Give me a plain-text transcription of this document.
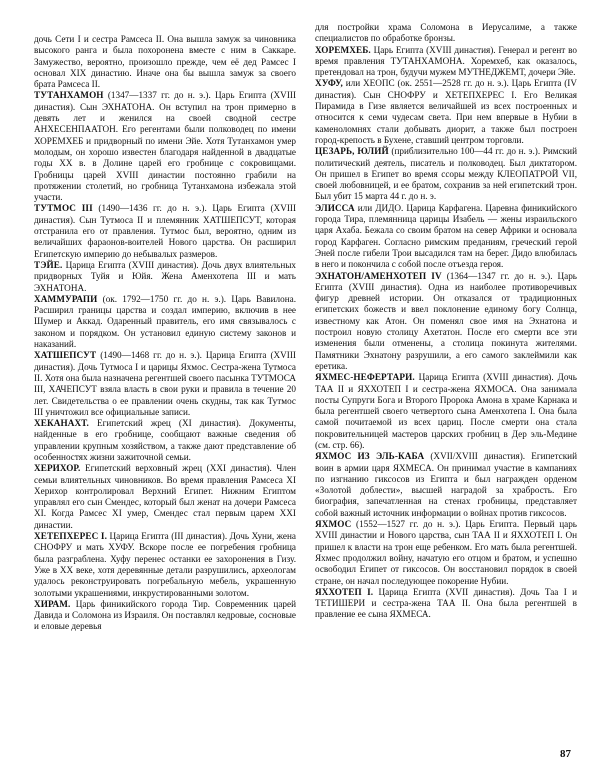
дочь Сети I и сестра Рамсеса II. Она вышла замуж за чиновника высокого ранга и была похоронена вместе с ним в Саккаре. Замужество, вероятно, произошло прежде, чем её дед Рамсес I основал XIX династию. Иначе она бы вышла замуж за своего брата Рамсеса II.

ТУТАНХАМОН (1347—1337 гг. до н. э.). Царь Египта (XVIII династия). Сын ЭХНАТОНА. Он вступил на трон примерно в девять лет и женился на своей сводной сестре АНХЕСЕНПААТОН. Его регентами были полководец по имени ХОРЕМХЕБ и придворный по имени Эйе. Хотя Тутанхамон умер молодым, он хорошо известен благодаря найденной в двадцатые годы XX в. в Долине царей его гробнице с сокровищами. Гробницы царей XVIII династии постоянно грабили на протяжении столетий, но гробница Тутанхамона избежала этой участи.

ТУТМОС III (1490—1436 гг. до н. э.). Царь Египта (XVIII династия). Сын Тутмоса II и племянник ХАТШЕПСУТ, которая отстранила его от правления. Тутмос был, вероятно, одним из величайших фараонов-воителей Нового царства. Он расширил Египетскую империю до небывалых размеров.

ТЭЙЕ. Царица Египта (XVIII династия). Дочь двух влиятельных придворных Туйя и Юйя. Жена Аменхотепа III и мать ЭХНАТОНА.

ХАММУРАПИ (ок. 1792—1750 гг. до н. э.). Царь Вавилона. Расширил границы царства и создал империю, включив в нее Шумер и Аккад. Одаренный правитель, его имя связывалось с законом и порядком. Он установил единую систему законов и наказаний.

ХАТШЕПСУТ (1490—1468 гг. до н. э.). Царица Египта (XVIII династия). Дочь Тутмоса I и царицы Яхмос. Сестра-жена Тутмоса II. Хотя она была назначена регентшей своего пасынка ТУТМОСА III, ХАЧЕПСУТ взяла власть в свои руки и правила в течение 20 лет. Свидетельства о ее правлении очень скудны, так как Тутмос III уничтожил все официальные записи.

ХЕКАНАХТ. Египетский жрец (XI династия). Документы, найденные в его гробнице, сообщают важные сведения об управлении крупным хозяйством, а также дают представление об особенностях жизни зажиточной семьи.

ХЕРИХОР. Египетский верховный жрец (XXI династия). Член семьи влиятельных чиновников. Во время правления Рамсеса XI Херихор контролировал Верхний Египет. Нижним Египтом управлял его сын Смендес, который был женат на дочери Рамсеса XI. Когда Рамсес XI умер, Смендес стал первым царем XXI династии.

ХЕТЕПХЕРЕС I. Царица Египта (III династия). Дочь Хуни, жена СНОФРУ и мать ХУФУ. Вскоре после ее погребения гробница была разграблена. Хуфу перенес останки ее захоронения в Гизу. Уже в XX веке, хотя деревянные детали разрушились, археологам удалось реконструировать погребальную мебель, украшенную золотыми украшениями, инкрустированными золотом.

ХИРАМ. Царь финикийского города Тир. Современник царей Давида и Соломона из Израиля. Он поставлял кедровые, сосновые и еловые деревья

для постройки храма Соломона в Иерусалиме, а также специалистов по обработке бронзы.

ХОРЕМХЕБ. Царь Египта (XVIII династия). Генерал и регент во время правления ТУТАНХАМОНА. Хоремхеб, как оказалось, претендовал на трон, будучи мужем МУТНЕДЖЕМТ, дочери Эйе.

ХУФУ, или ХЕОПС (ок. 2551—2528 гг. до н. э.). Царь Египта (IV династия). Сын СНОФРУ и ХЕТЕПХЕРЕС I. Его Великая Пирамида в Гизе является величайшей из всех построенных и относится к семи чудесам света. При нем впервые в Нубии в каменоломнях стали добывать диорит, а также был построен город-крепость в Бухене, ставший центром торговли.

ЦЕЗАРЬ, ЮЛИЙ (приблизительно 100—44 гг. до н. э.). Римский политический деятель, писатель и полководец. Был диктатором. Он пришел в Египет во время ссоры между КЛЕОПАТРОЙ VII, своей любовницей, и ее братом, сохранив за ней египетский трон. Был убит 15 марта 44 г. до н. э.

ЭЛИССА или ДИДО. Царица Карфагена. Царевна финикийского города Тира, племянница царицы Изабель — жены израильского царя Ахаба. Бежала со своим братом на север Африки и основала город Карфаген. Согласно римским преданиям, греческий герой Эней после гибели Трои высадился там на берег. Дидо влюбилась в него и покончила с собой после отъезда героя.

ЭХНАТОН/АМЕНХОТЕП IV (1364—1347 гг. до н. э.). Царь Египта (XVIII династия). Одна из наиболее противоречивых фигур древней истории. Он отказался от традиционных египетских божеств и ввел поклонение единому богу Солнца, известному как Атон. Он поменял свое имя на Эхнатона и построил новую столицу Ахетатон. После его смерти все эти изменения были отменены, а столица покинута жителями. Памятники Эхнатону разрушили, а его самого заклеймили как еретика.

ЯХМЕС-НЕФЕРТАРИ. Царица Египта (XVIII династия). Дочь ТАА II и ЯХХОТЕП I и сестра-жена ЯХМОСА. Она занимала посты Супруги Бога и Второго Пророка Амона в храме Карнака и была регентшей своего четвертого сына Аменхотепа I. Она была самой почитаемой из всех цариц. После смерти она стала покровительницей мастеров царских гробниц в Дер эль-Медине (см. стр. 66).

ЯХМОС ИЗ ЭЛЬ-КАБА (XVII/XVIII династия). Египетский воин в армии царя ЯХМЕСА. Он принимал участие в кампаниях по изгнанию гиксосов из Египта и был награжден орденом «Золотой доблести», высшей наградой за храбрость. Его биография, запечатленная на стенах гробницы, представляет собой важный источник информации о войнах против гиксосов.

ЯХМОС (1552—1527 гг. до н. э.). Царь Египта. Первый царь XVIII династии и Нового царства, сын ТАА II и ЯХХОТЕП I. Он пришел к власти на трон еще ребенком. Его мать была регентшей. Яхмес продолжил войну, начатую его отцом и братом, и успешно освободил Египет от гиксосов. Он восстановил порядок в своей стране, он начал последующее покорение Нубии.

ЯХХОТЕП I. Царица Египта (XVII династия). Дочь Таа I и ТЕТИШЕРИ и сестра-жена ТАА II. Она была регентшей в правление ее сына ЯХМЕСА.

87
